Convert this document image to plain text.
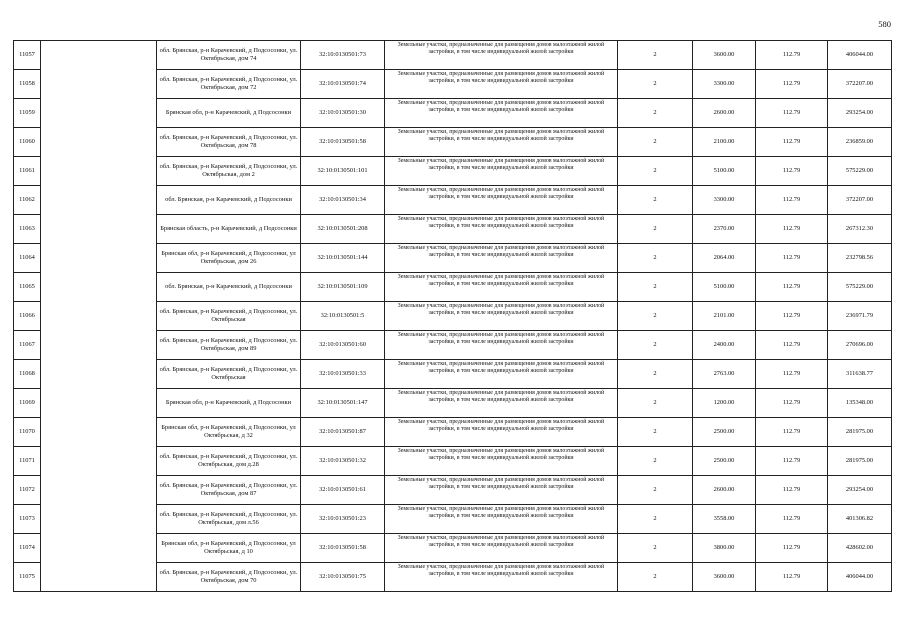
580
11057		обл. Брянская, р-н Карачевский, д Подсосонки, ул. Октябрьская, дом 74	32:10:0130501:73	Земельные участки, предназначенные для размещения домов малоэтажной жилой застройки, в том числе индивидуальной жилой застройки	2	3600.00	112.79	406044.00
11058		обл. Брянская, р-н Карачевский, д Подсосонки, ул. Октябрьская, дом 72	32:10:0130501:74	Земельные участки, предназначенные для размещения домов малоэтажной жилой застройки, в том числе индивидуальной жилой застройки	2	3300.00	112.79	372207.00
11059		Брянская обл, р-н Карачевский, д Подсосонки	32:10:0130501:30	Земельные участки, предназначенные для размещения домов малоэтажной жилой застройки, в том числе индивидуальной жилой застройки	2	2600.00	112.79	293254.00
11060		обл. Брянская, р-н Карачевский, д Подсосонки, ул. Октябрьская, дом 78	32:10:0130501:58	Земельные участки, предназначенные для размещения домов малоэтажной жилой застройки, в том числе индивидуальной жилой застройки	2	2100.00	112.79	236859.00
11061		обл. Брянская, р-н Карачевский, д Подсосонки, ул. Октябрьская, дом 2	32:10:0130501:101	Земельные участки, предназначенные для размещения домов малоэтажной жилой застройки, в том числе индивидуальной жилой застройки	2	5100.00	112.79	575229.00
11062		обл. Брянская, р-н Карачевский, д Подсосонки	32:10:0130501:34	Земельные участки, предназначенные для размещения домов малоэтажной жилой застройки, в том числе индивидуальной жилой застройки	2	3300.00	112.79	372207.00
11063		Брянская область, р-н Карачевский, д Подсосонки	32:10:0130501:208	Земельные участки, предназначенные для размещения домов малоэтажной жилой застройки, в том числе индивидуальной жилой застройки	2	2370.00	112.79	267312.30
11064		Брянская обл, р-н Карачевский, д Подсосонки, ул Октябрьская, дом 26	32:10:0130501:144	Земельные участки, предназначенные для размещения домов малоэтажной жилой застройки, в том числе индивидуальной жилой застройки	2	2064.00	112.79	232798.56
11065		обл. Брянская, р-н Карачевский, д Подсосонки	32:10:0130501:109	Земельные участки, предназначенные для размещения домов малоэтажной жилой застройки, в том числе индивидуальной жилой застройки	2	5100.00	112.79	575229.00
11066		обл. Брянская, р-н Карачевский, д Подсосонки, ул. Октябрьская	32:10:0130501:5	Земельные участки, предназначенные для размещения домов малоэтажной жилой застройки, в том числе индивидуальной жилой застройки	2	2101.00	112.79	236971.79
11067		обл. Брянская, р-н Карачевский, д Подсосонки, ул. Октябрьская, дом 89	32:10:0130501:60	Земельные участки, предназначенные для размещения домов малоэтажной жилой застройки, в том числе индивидуальной жилой застройки	2	2400.00	112.79	270696.00
11068		обл. Брянская, р-н Карачевский, д Подсосонки, ул. Октябрьская	32:10:0130501:33	Земельные участки, предназначенные для размещения домов малоэтажной жилой застройки, в том числе индивидуальной жилой застройки	2	2763.00	112.79	311638.77
11069		Брянская обл, р-н Карачевский, д Подсосонки	32:10:0130501:147	Земельные участки, предназначенные для размещения домов малоэтажной жилой застройки, в том числе индивидуальной жилой застройки	2	1200.00	112.79	135348.00
11070		Брянская обл, р-н Карачевский, д Подсосонки, ул Октябрьская, д 32	32:10:0130501:87	Земельные участки, предназначенные для размещения домов малоэтажной жилой застройки, в том числе индивидуальной жилой застройки	2	2500.00	112.79	281975.00
11071		обл. Брянская, р-н Карачевский, д Подсосонки, ул. Октябрьская, дом д.28	32:10:0130501:32	Земельные участки, предназначенные для размещения домов малоэтажной жилой застройки, в том числе индивидуальной жилой застройки	2	2500.00	112.79	281975.00
11072		обл. Брянская, р-н Карачевский, д Подсосонки, ул. Октябрьская, дом 87	32:10:0130501:61	Земельные участки, предназначенные для размещения домов малоэтажной жилой застройки, в том числе индивидуальной жилой застройки	2	2600.00	112.79	293254.00
11073		обл. Брянская, р-н Карачевский, д Подсосонки, ул. Октябрьская, дом л.56	32:10:0130501:23	Земельные участки, предназначенные для размещения домов малоэтажной жилой застройки, в том числе индивидуальной жилой застройки	2	3558.00	112.79	401306.82
11074		Брянская обл, р-н Карачевский, д Подсосонки, ул Октябрьская, д 10	32:10:0130501:58	Земельные участки, предназначенные для размещения домов малоэтажной жилой застройки, в том числе индивидуальной жилой застройки	2	3800.00	112.79	428602.00
11075		обл. Брянская, р-н Карачевский, д Подсосонки, ул. Октябрьская, дом 70	32:10:0130501:75	Земельные участки, предназначенные для размещения домов малоэтажной жилой застройки, в том числе индивидуальной жилой застройки	2	3600.00	112.79	406044.00
